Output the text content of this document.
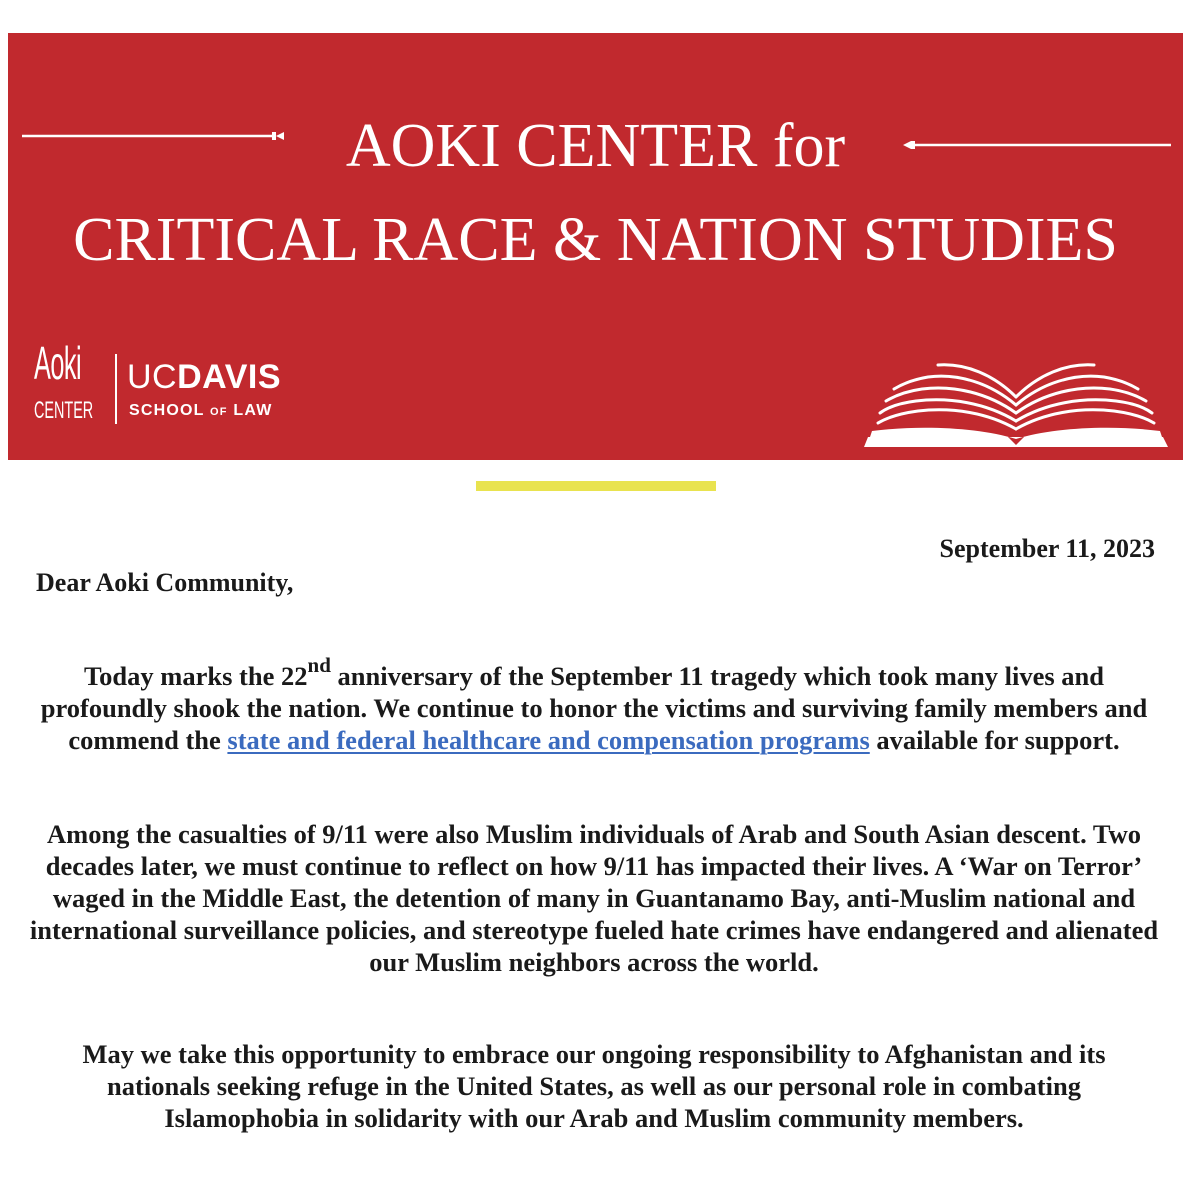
AOKI CENTER for
CRITICAL RACE & NATION STUDIES
Aoki
CENTER
UCDAVIS
SCHOOL OF LAW
September 11, 2023
Dear Aoki Community,
Today marks the 22nd anniversary of the September 11 tragedy which took many lives and profoundly shook the nation. We continue to honor the victims and surviving family members and commend the state and federal healthcare and compensation programs available for support.
Among the casualties of 9/11 were also Muslim individuals of Arab and South Asian descent. Two decades later, we must continue to reflect on how 9/11 has impacted their lives. A ‘War on Terror’ waged in the Middle East, the detention of many in Guantanamo Bay, anti-Muslim national and international surveillance policies, and stereotype fueled hate crimes have endangered and alienated our Muslim neighbors across the world.
May we take this opportunity to embrace our ongoing responsibility to Afghanistan and its nationals seeking refuge in the United States, as well as our personal role in combating Islamophobia in solidarity with our Arab and Muslim community members.
